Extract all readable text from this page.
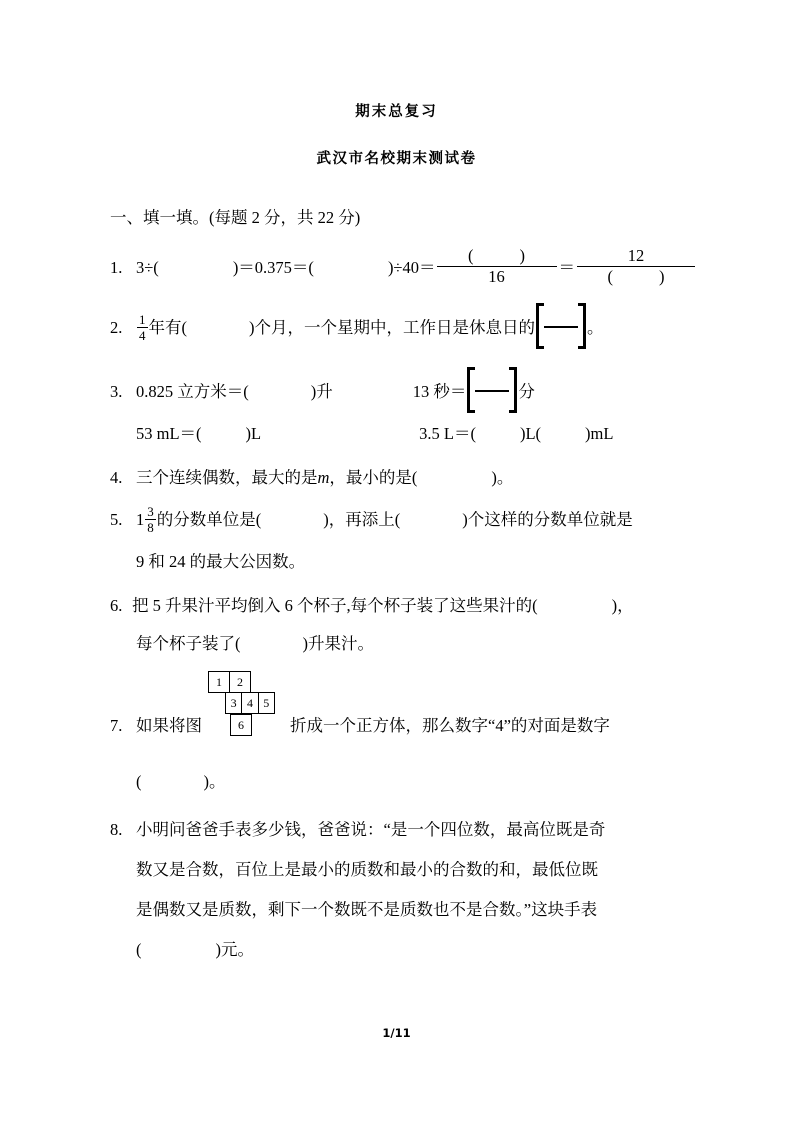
期末总复习
武汉市名校期末测试卷
一、填一填。(每题 2 分，共 22 分)
1. 3÷(	)＝0.375＝(	)÷40＝ (	)
16 ＝ 12
(	)
2.	$\frac{1}{4}$ 年有(	)个月，一个星期中，工作日是休息日的	。
3. 0.825 立方米＝(	)升	13 秒＝	分
53 mL＝(	)L	3.5 L＝(	)L(	)mL
4. 三个连续偶数，最大的是 m ，最小的是(	)。
5. $1 \frac{3}{8}$ 的分数单位是(	)，再添上(	)个这样的分数单位就是
9 和 24 的最大公因数。
6. 把 5 升果汁平均倒入 6 个杯子,每个杯子装了这些果汁的(	)，
每个杯子装了(	)升果汁。
7. 如果将图
1	2
3 4 5
6	折成一个正方体，那么数字“4”的对面是数字
(	)。
8. 小明问爸爸手表多少钱，爸爸说：“是一个四位数，最高位既是奇
数又是合数，百位上是最小的质数和最小的合数的和，最低位既
是偶数又是质数，剩下一个数既不是质数也不是合数。”这块手表
(	)元。
1/11
